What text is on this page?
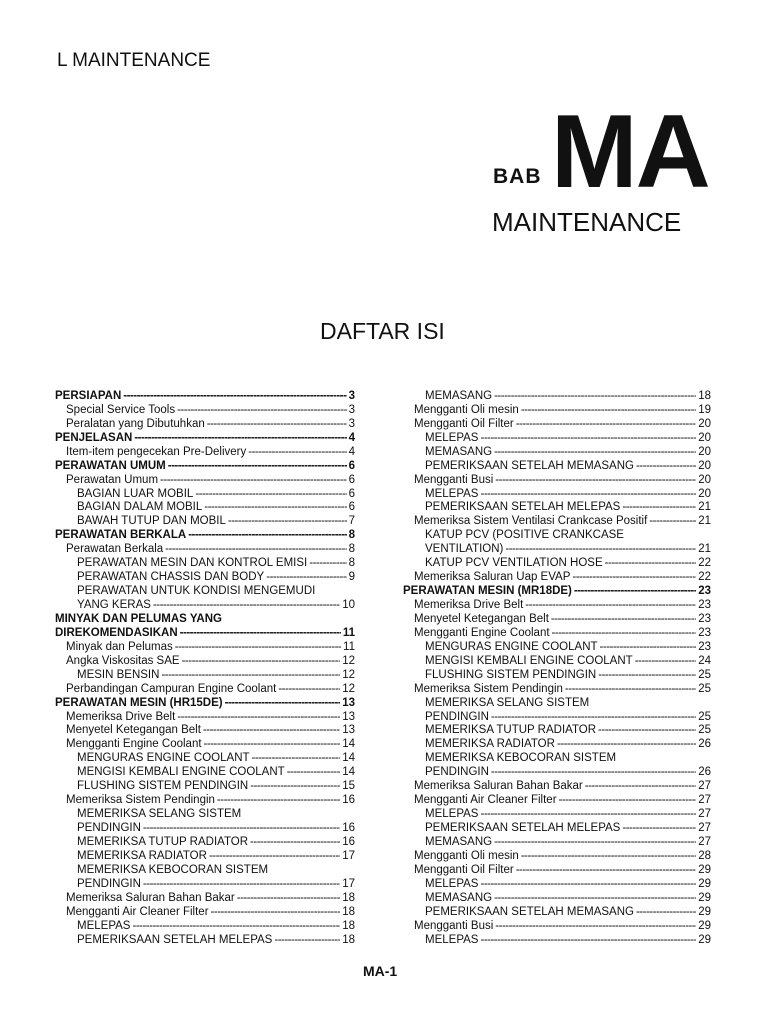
L MAINTENANCE
BAB MA
MAINTENANCE
DAFTAR ISI
PERSIAPAN -----	3
Special Service Tools -----	3
Peralatan yang Dibutuhkan -----	3
PENJELASAN -----	4
Item-item pengecekan Pre-Delivery -----	4
PERAWATAN UMUM -----	6
Perawatan Umum -----	6
BAGIAN LUAR MOBIL -----	6
BAGIAN DALAM MOBIL -----	6
BAWAH TUTUP DAN MOBIL -----	7
PERAWATAN BERKALA -----	8
Perawatan Berkala -----	8
PERAWATAN MESIN DAN KONTROL EMISI -----	8
PERAWATAN CHASSIS DAN BODY -----	9
PERAWATAN UNTUK KONDISI MENGEMUDI
YANG KERAS -----	10
MINYAK DAN PELUMAS YANG
DIREKOMENDASIKAN -----	11
Minyak dan Pelumas -----	11
Angka Viskositas SAE -----	12
MESIN BENSIN -----	12
Perbandingan Campuran Engine Coolant -----	12
PERAWATAN MESIN (HR15DE) -----	13
Memeriksa Drive Belt -----	13
Menyetel Ketegangan Belt -----	13
Mengganti Engine Coolant -----	14
MENGURAS ENGINE COOLANT -----	14
MENGISI KEMBALI ENGINE COOLANT -----	14
FLUSHING SISTEM PENDINGIN -----	15
Memeriksa Sistem Pendingin -----	16
MEMERIKSA SELANG SISTEM
PENDINGIN -----	16
MEMERIKSA TUTUP RADIATOR -----	16
MEMERIKSA RADIATOR -----	17
MEMERIKSA KEBOCORAN SISTEM
PENDINGIN -----	17
Memeriksa Saluran Bahan Bakar -----	18
Mengganti Air Cleaner Filter -----	18
MELEPAS -----	18
PEMERIKSAAN SETELAH MELEPAS -----	18
MEMASANG -----	18
Mengganti Oli mesin -----	19
Mengganti Oil Filter -----	20
MELEPAS -----	20
MEMASANG -----	20
PEMERIKSAAN SETELAH MEMASANG -----	20
Mengganti Busi -----	20
MELEPAS -----	20
PEMERIKSAAN SETELAH MELEPAS -----	21
Memeriksa Sistem Ventilasi Crankcase Positif -----	21
KATUP PCV (POSITIVE CRANKCASE
VENTILATION) -----	21
KATUP PCV VENTILATION HOSE -----	22
Memeriksa Saluran Uap EVAP -----	22
PERAWATAN MESIN (MR18DE) -----	23
Memeriksa Drive Belt -----	23
Menyetel Ketegangan Belt -----	23
Mengganti Engine Coolant -----	23
MENGURAS ENGINE COOLANT -----	23
MENGISI KEMBALI ENGINE COOLANT -----	24
FLUSHING SISTEM PENDINGIN -----	25
Memeriksa Sistem Pendingin -----	25
MEMERIKSA SELANG SISTEM
PENDINGIN -----	25
MEMERIKSA TUTUP RADIATOR -----	25
MEMERIKSA RADIATOR -----	26
MEMERIKSA KEBOCORAN SISTEM
PENDINGIN -----	26
Memeriksa Saluran Bahan Bakar -----	27
Mengganti Air Cleaner Filter -----	27
MELEPAS -----	27
PEMERIKSAAN SETELAH MELEPAS -----	27
MEMASANG -----	27
Mengganti Oli mesin -----	28
Mengganti Oil Filter -----	29
MELEPAS -----	29
MEMASANG -----	29
PEMERIKSAAN SETELAH MEMASANG -----	29
Mengganti Busi -----	29
MELEPAS -----	29
MA-1
